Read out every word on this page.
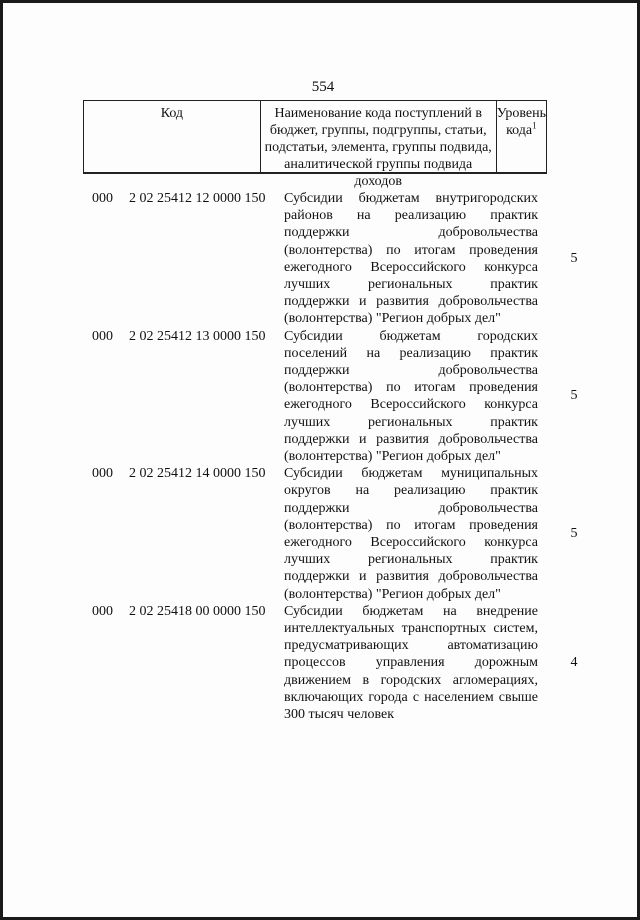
554
Код	Наименование кода поступлений в бюджет, группы, подгруппы, статьи, подстатьи, элемента, группы подвида, аналитической группы подвида доходов
Уровень кода$^1$
000 2 02 25412 12 0000 150 Субсидии бюджетам внутригородских районов на реализацию практик поддержки добровольчества (волонтерства) по итогам проведения ежегодного Всероссийского конкурса лучших региональных практик поддержки и развития добровольчества (волонтерства) "Регион добрых дел"
5
000 2 02 25412 13 0000 150 Субсидии бюджетам городских поселений на реализацию практик поддержки добровольчества (волонтерства) по итогам проведения ежегодного Всероссийского конкурса лучших региональных практик поддержки и развития добровольчества (волонтерства) "Регион добрых дел"
5
000 2 02 25412 14 0000 150 Субсидии бюджетам муниципальных округов на реализацию практик поддержки добровольчества (волонтерства) по итогам проведения ежегодного Всероссийского конкурса лучших региональных практик поддержки и развития добровольчества (волонтерства) "Регион добрых дел"
5
000 2 02 25418 00 0000 150 Субсидии бюджетам на внедрение интеллектуальных транспортных систем, предусматривающих автоматизацию процессов управления дорожным движением в городских агломерациях, включающих города с населением свыше 300 тысяч человек
4
